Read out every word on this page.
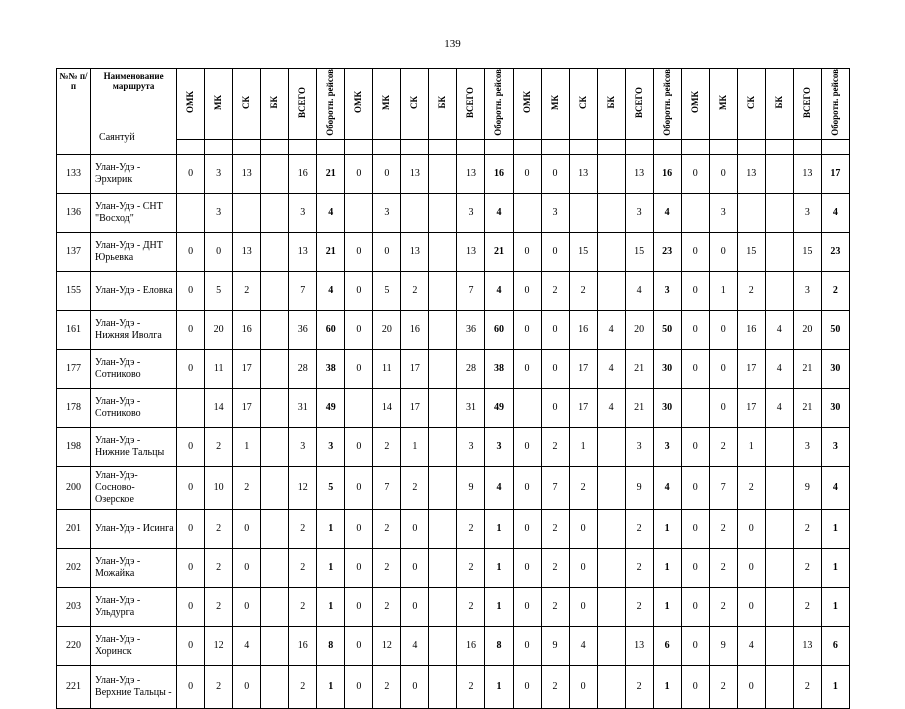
139
№№ п/п	Наименование маршрута
Саянтуй	ОМК	МК	СК	БК	ВСЕГО	Оборотн. рейсов	ОМК	МК	СК	БК	ВСЕГО	Оборотн. рейсов	ОМК	МК	СК	БК	ВСЕГО	Оборотн. рейсов	ОМК	МК	СК	БК	ВСЕГО	Оборотн. рейсов

133	Улан-Удэ - Эрхирик	0	3	13		16	21	0	0	13		13	16	0	0	13		13	16	0	0	13		13	17
136	Улан-Удэ - СНТ "Восход"		3			3	4		3			3	4		3			3	4		3			3	4
137	Улан-Удэ - ДНТ Юрьевка	0	0	13		13	21	0	0	13		13	21	0	0	15		15	23	0	0	15		15	23
155	Улан-Удэ - Еловка	0	5	2		7	4	0	5	2		7	4	0	2	2		4	3	0	1	2		3	2
161	Улан-Удэ - Нижняя Иволга	0	20	16		36	60	0	20	16		36	60	0	0	16	4	20	50	0	0	16	4	20	50
177	Улан-Удэ - Сотниково	0	11	17		28	38	0	11	17		28	38	0	0	17	4	21	30	0	0	17	4	21	30
178	Улан-Удэ - Сотниково		14	17		31	49		14	17		31	49		0	17	4	21	30		0	17	4	21	30
198	Улан-Удэ - Нижние Тальцы	0	2	1		3	3	0	2	1		3	3	0	2	1		3	3	0	2	1		3	3
200	Улан-Удэ- Сосново- Озерское	0	10	2		12	5	0	7	2		9	4	0	7	2		9	4	0	7	2		9	4
201	Улан-Удэ - Исинга	0	2	0		2	1	0	2	0		2	1	0	2	0		2	1	0	2	0		2	1
202	Улан-Удэ - Можайка	0	2	0		2	1	0	2	0		2	1	0	2	0		2	1	0	2	0		2	1
203	Улан-Удэ - Ульдурга	0	2	0		2	1	0	2	0		2	1	0	2	0		2	1	0	2	0		2	1
220	Улан-Удэ - Хоринск	0	12	4		16	8	0	12	4		16	8	0	9	4		13	6	0	9	4		13	6
221	Улан-Удэ - Верхние Тальцы -	0	2	0		2	1	0	2	0		2	1	0	2	0		2	1	0	2	0		2	1
